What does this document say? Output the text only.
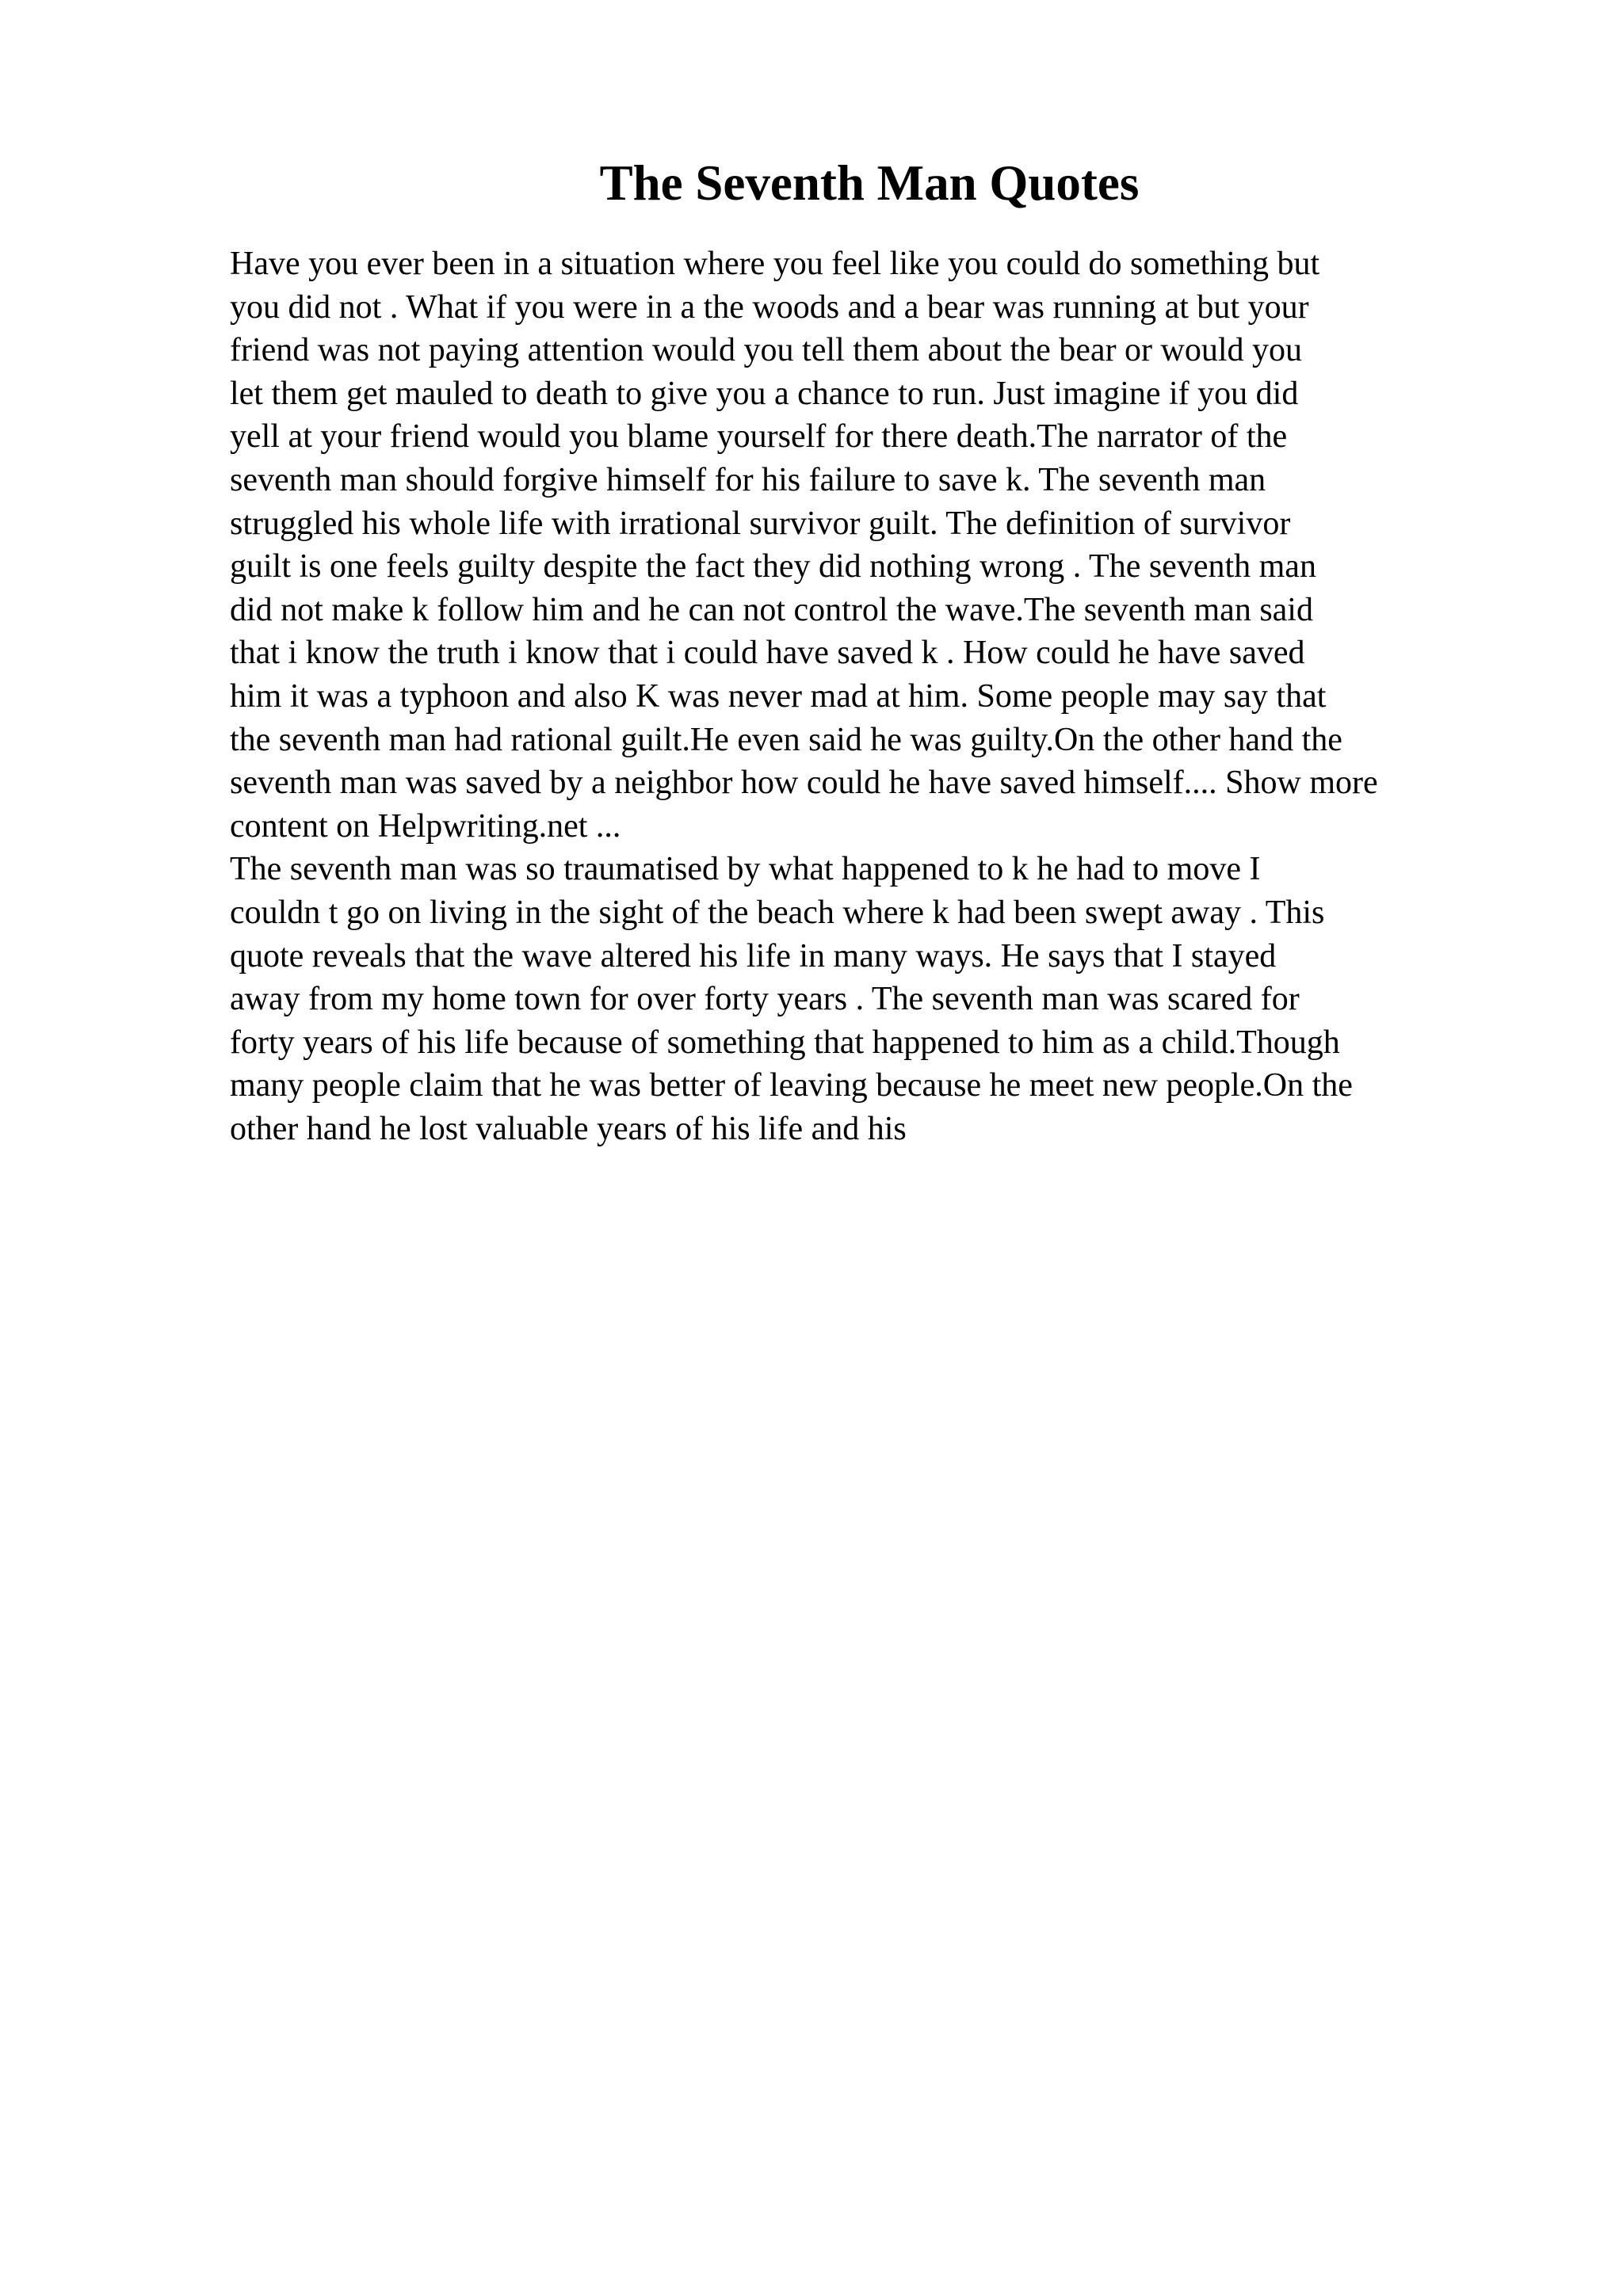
The Seventh Man Quotes
Have you ever been in a situation where you feel like you could do something but
you did not . What if you were in a the woods and a bear was running at but your
friend was not paying attention would you tell them about the bear or would you
let them get mauled to death to give you a chance to run. Just imagine if you did
yell at your friend would you blame yourself for there death.The narrator of the
seventh man should forgive himself for his failure to save k. The seventh man
struggled his whole life with irrational survivor guilt. The definition of survivor
guilt is one feels guilty despite the fact they did nothing wrong . The seventh man
did not make k follow him and he can not control the wave.The seventh man said
that i know the truth i know that i could have saved k . How could he have saved
him it was a typhoon and also K was never mad at him. Some people may say that
the seventh man had rational guilt.He even said he was guilty.On the other hand the
seventh man was saved by a neighbor how could he have saved himself.... Show more
content on Helpwriting.net ...
The seventh man was so traumatised by what happened to k he had to move I
couldn t go on living in the sight of the beach where k had been swept away . This
quote reveals that the wave altered his life in many ways. He says that I stayed
away from my home town for over forty years . The seventh man was scared for
forty years of his life because of something that happened to him as a child.Though
many people claim that he was better of leaving because he meet new people.On the
other hand he lost valuable years of his life and his
